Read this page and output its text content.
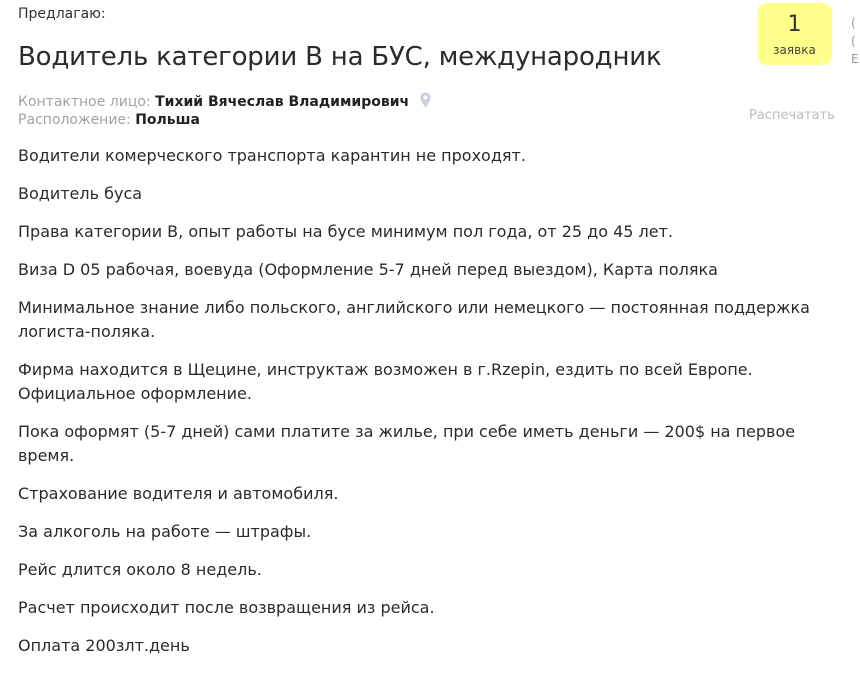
Предлагаю:
Водитель категории В на БУС, международник
1
заявка
(
(
E
Контактное лицо: Тихий Вячеслав Владимирович
Расположение: Польша	Распечатать

Водители комерческого транспорта карантин не проходят.

Водитель буса

Права категории В, опыт работы на бусе минимум пол года, от 25 до 45 лет.

Виза D 05 рабочая, воевуда (Оформление 5-7 дней перед выездом), Карта поляка

Минимальное знание либо польского, английского или немецкого — постоянная поддержка логиста-поляка.

Фирма находится в Щецине, инструктаж возможен в г.Rzepin, ездить по всей Европе. Официальное оформление.

Пока оформят (5-7 дней) сами платите за жилье, при себе иметь деньги — 200$ на первое время.

Страхование водителя и автомобиля.

За алкоголь на работе — штрафы.

Рейс длится около 8 недель.

Расчет происходит после возвращения из рейса.

Оплата 200злт.день
